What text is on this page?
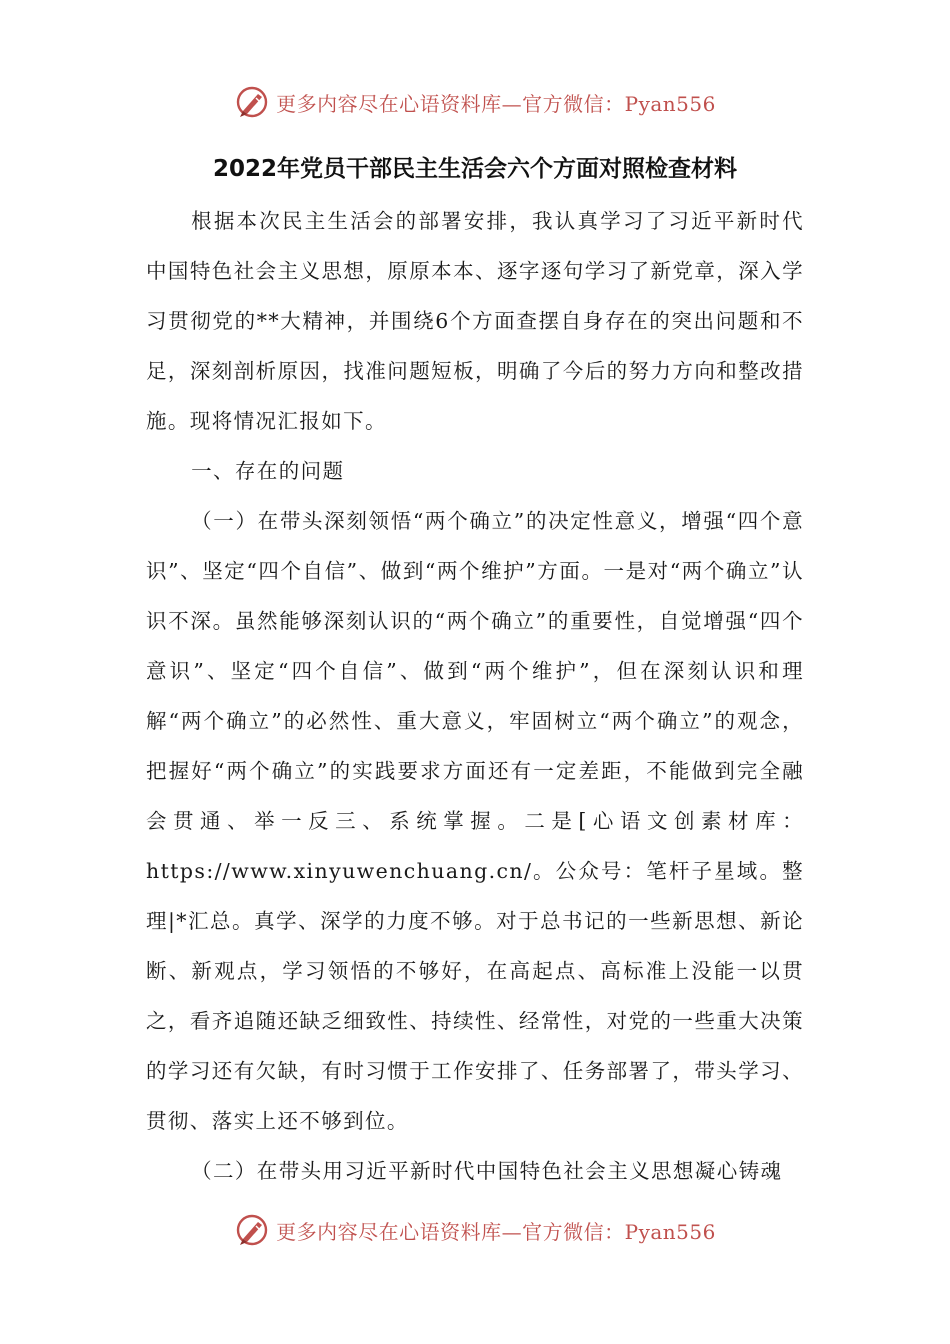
更多内容尽在心语资料库—官方微信：Pyan556
2022年党员干部民主生活会六个方面对照检查材料

根据本次民主生活会的部署安排，我认真学习了习近平新时代中国特色社会主义思想，原原本本、逐字逐句学习了新党章，深入学习贯彻党的**大精神，并围绕6个方面查摆自身存在的突出问题和不足，深刻剖析原因，找准问题短板，明确了今后的努力方向和整改措施。现将情况汇报如下。

一、存在的问题

（一）在带头深刻领悟“两个确立”的决定性意义，增强“四个意识”、坚定“四个自信”、做到“两个维护”方面。一是对“两个确立”认识不深。虽然能够深刻认识的“两个确立”的重要性，自觉增强“四个意识”、坚定“四个自信”、做到“两个维护”，但在深刻认识和理解“两个确立”的必然性、重大意义，牢固树立“两个确立”的观念，把握好“两个确立”的实践要求方面还有一定差距，不能做到完全融会贯通、举一反三、系统掌握。二是[心语文创素材库：https://www.xinyuwenchuang.cn/。公众号：笔杆子星域。整理|*汇总。真学、深学的力度不够。对于总书记的一些新思想、新论断、新观点，学习领悟的不够好，在高起点、高标准上没能一以贯之，看齐追随还缺乏细致性、持续性、经常性，对党的一些重大决策的学习还有欠缺，有时习惯于工作安排了、任务部署了，带头学习、贯彻、落实上还不够到位。

（二）在带头用习近平新时代中国特色社会主义思想凝心铸魂

更多内容尽在心语资料库—官方微信：Pyan556
